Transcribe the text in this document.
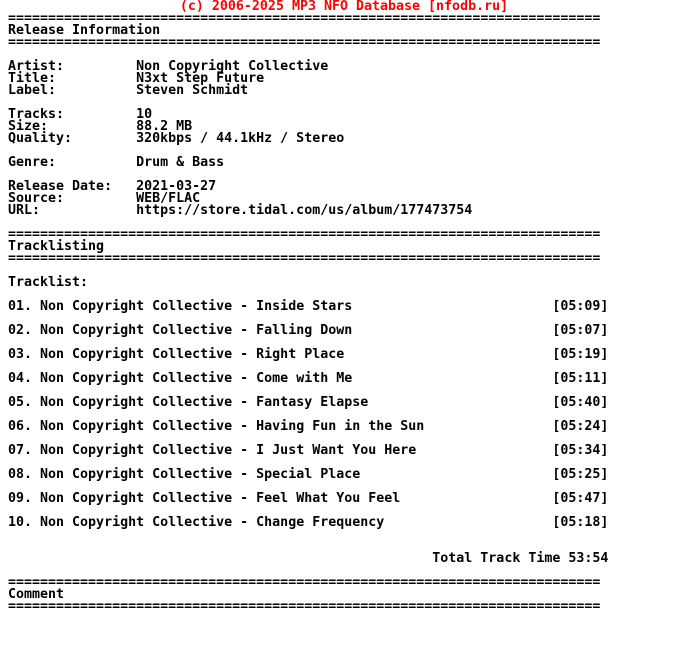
(c) 2006-2025 MP3 NFO Database [nfodb.ru]
==========================================================================
Release Information
==========================================================================
Artist:	Non Copyright Collective
Title:	N3xt Step Future
Label:	Steven Schmidt
Tracks:	10
Size:	88.2 MB
Quality:	320kbps / 44.1kHz / Stereo
Genre:	Drum & Bass
Release Date: 2021-03-27
Source:	WEB/FLAC
URL:	https://store.tidal.com/us/album/177473754
==========================================================================
Tracklisting
==========================================================================
Tracklist:
01. Non Copyright Collective - Inside Stars	[05:09]
02. Non Copyright Collective - Falling Down	[05:07]
03. Non Copyright Collective - Right Place	[05:19]
04. Non Copyright Collective - Come with Me	[05:11]
05. Non Copyright Collective - Fantasy Elapse	[05:40]
06. Non Copyright Collective - Having Fun in the Sun	[05:24]
07. Non Copyright Collective - I Just Want You Here	[05:34]
08. Non Copyright Collective - Special Place	[05:25]
09. Non Copyright Collective - Feel What You Feel	[05:47]
10. Non Copyright Collective - Change Frequency	[05:18]
Total Track Time 53:54
==========================================================================
Comment
==========================================================================
